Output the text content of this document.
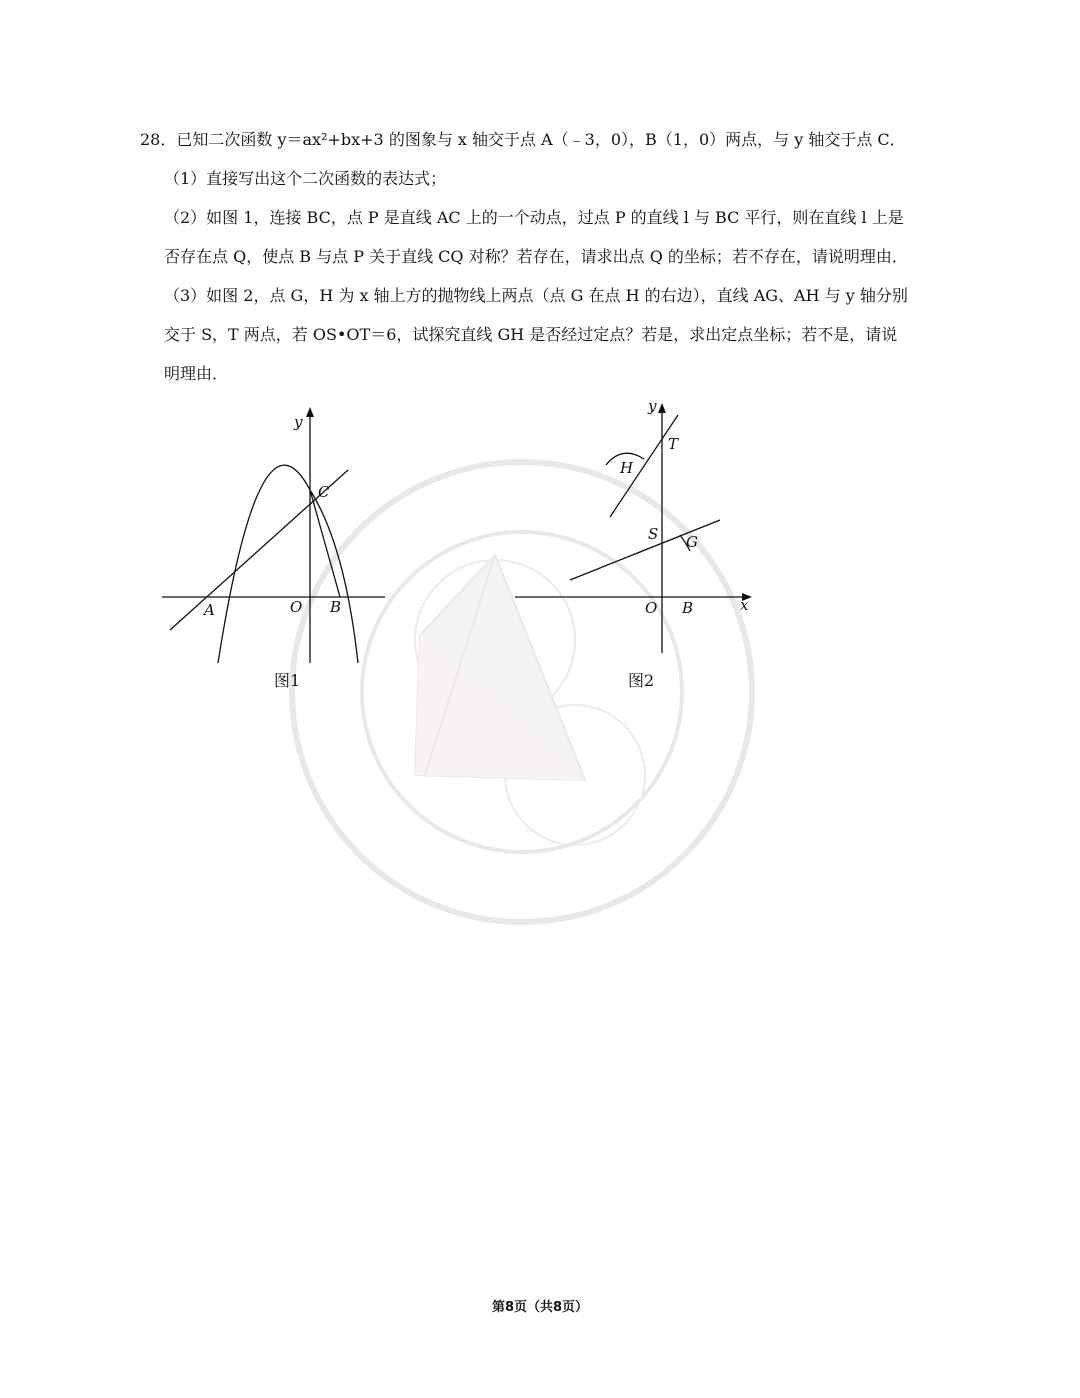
28．已知二次函数 y＝ax²+bx+3 的图象与 x 轴交于点 A（﹣3，0），B（1，0）两点，与 y 轴交于点 C．
（1）直接写出这个二次函数的表达式；
（2）如图 1，连接 BC，点 P 是直线 AC 上的一个动点，过点 P 的直线 l 与 BC 平行，则在直线 l 上是
否存在点 Q，使点 B 与点 P 关于直线 CQ 对称？若存在，请求出点 Q 的坐标；若不存在，请说明理由．
（3）如图 2，点 G，H 为 x 轴上方的抛物线上两点（点 G 在点 H 的右边），直线 AG、AH 与 y 轴分别
交于 S，T 两点，若 OS•OT＝6，试探究直线 GH 是否经过定点？若是，求出定点坐标；若不是，请说
明理由．
y
C
A	O B
图1
y
T
H
S G
O B	x
图2
第8页（共8页）
